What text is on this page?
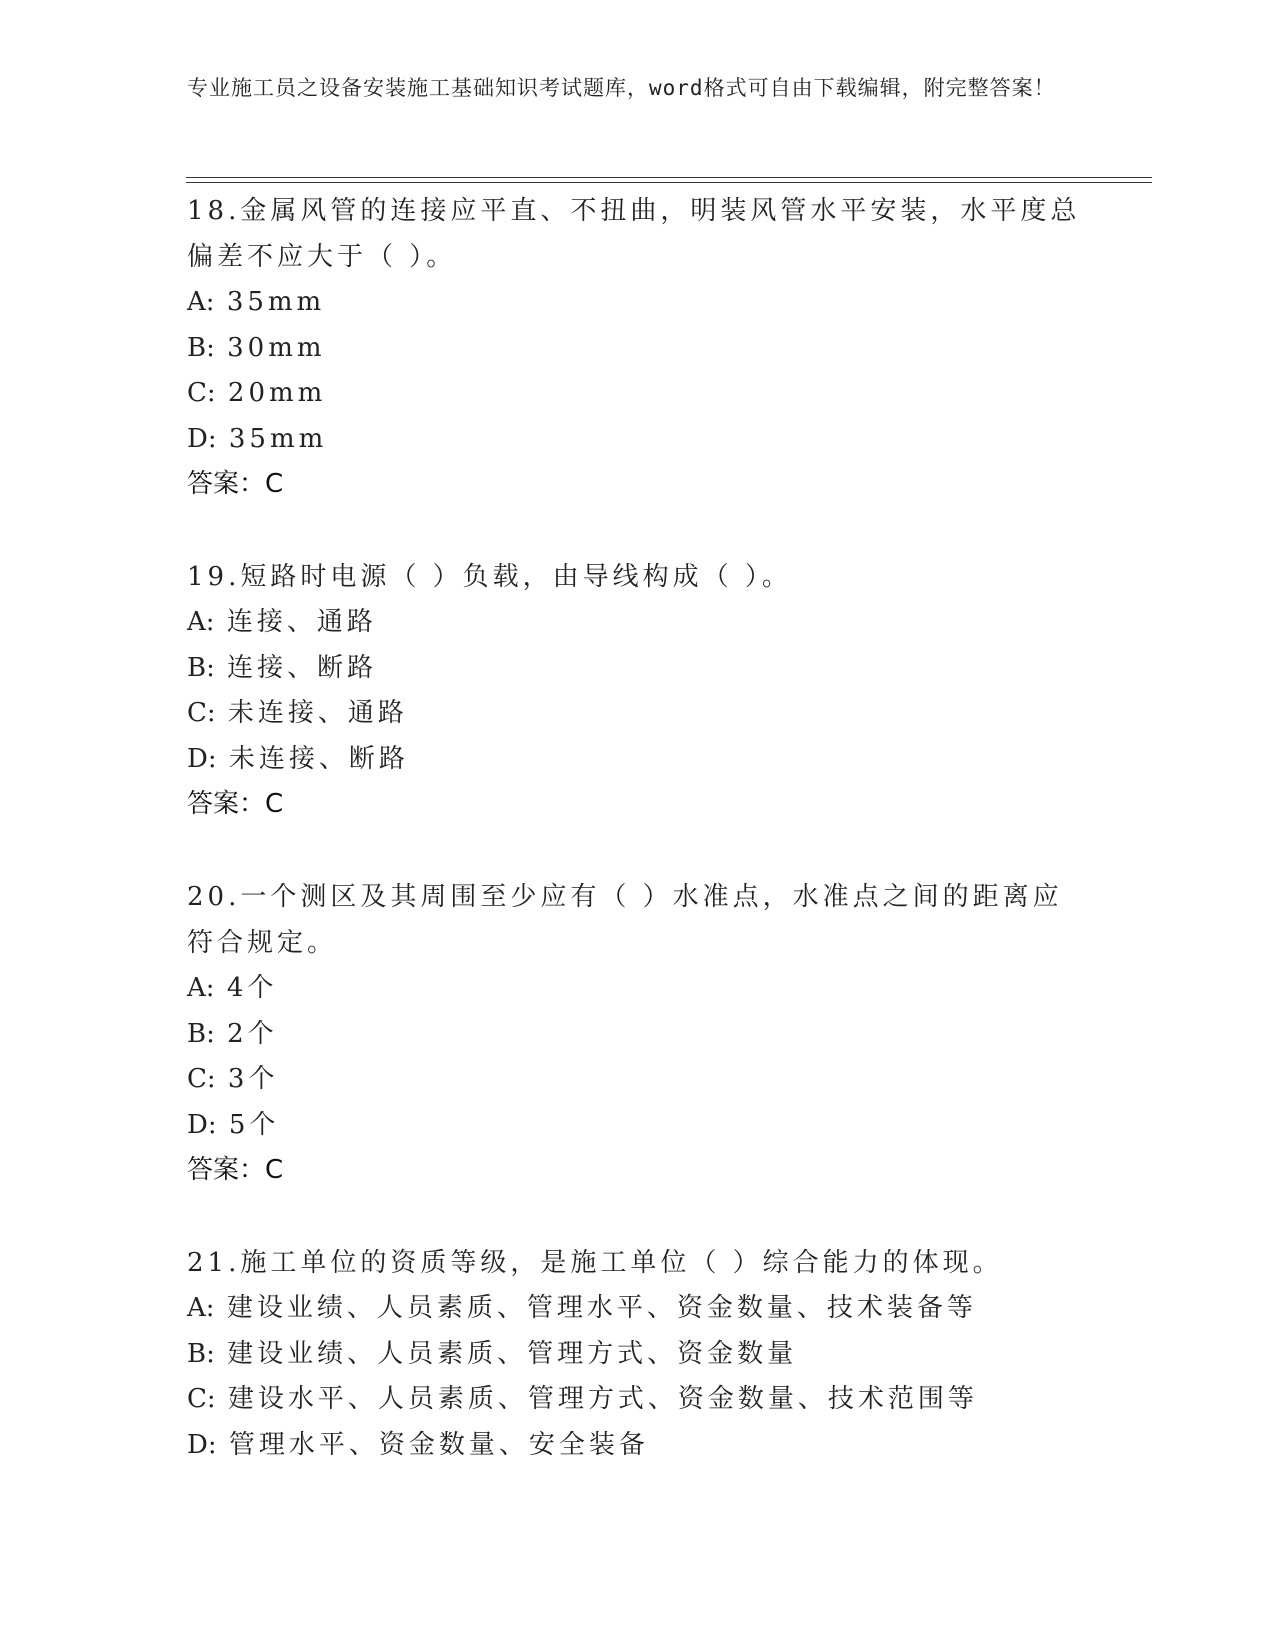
专业施工员之设备安装施工基础知识考试题库，word格式可自由下载编辑，附完整答案！

18.金属风管的连接应平直、不扭曲，明装风管水平安装，水平度总偏差不应大于（ ）。

A: 35mm

B: 30mm

C: 20mm

D: 35mm

答案：C

19.短路时电源（ ）负载，由导线构成（ ）。

A: 连接、通路

B: 连接、断路

C: 未连接、通路

D: 未连接、断路

答案：C

20.一个测区及其周围至少应有（ ）水准点，水准点之间的距离应符合规定。

A: 4个

B: 2个

C: 3个

D: 5个

答案：C

21.施工单位的资质等级，是施工单位（ ）综合能力的体现。

A: 建设业绩、人员素质、管理水平、资金数量、技术装备等

B: 建设业绩、人员素质、管理方式、资金数量

C: 建设水平、人员素质、管理方式、资金数量、技术范围等

D: 管理水平、资金数量、安全装备
